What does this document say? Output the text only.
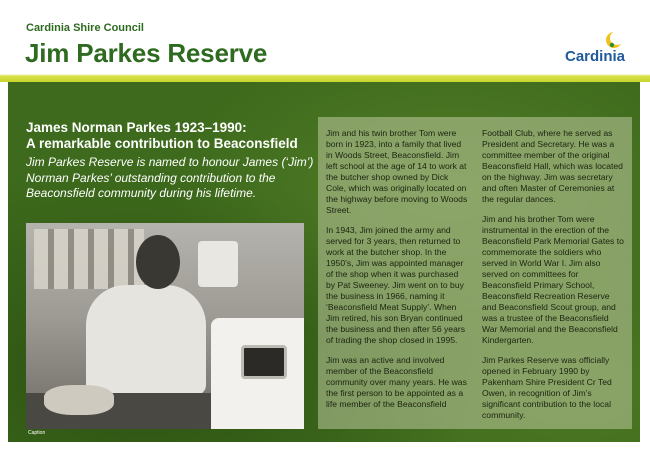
Cardinia Shire Council
Jim Parkes Reserve	Cardinia
James Norman Parkes 1923–1990:
A remarkable contribution to Beaconsfield
Jim Parkes Reserve is named to honour James (‘Jim’) Norman Parkes’ outstanding contribution to the Beaconsfield community during his lifetime.
Caption

Jim and his twin brother Tom were born in 1923, into a family that lived in Woods Street, Beaconsfield. Jim left school at the age of 14 to work at the butcher shop owned by Dick Cole, which was originally located on the highway before moving to Woods Street.

In 1943, Jim joined the army and served for 3 years, then returned to work at the butcher shop. In the 1950’s, Jim was appointed manager of the shop when it was purchased by Pat Sweeney. Jim went on to buy the business in 1966, naming it ‘Beaconsfield Meat Supply’. When Jim retired, his son Bryan continued the business and then after 56 years of trading the shop closed in 1995.

Jim was an active and involved member of the Beaconsfield community over many years. He was the first person to be appointed as a life member of the Beaconsfield

Football Club, where he served as President and Secretary. He was a committee member of the original Beaconsfield Hall, which was located on the highway. Jim was secretary and often Master of Ceremonies at the regular dances.

Jim and his brother Tom were instrumental in the erection of the Beaconsfield Park Memorial Gates to commemorate the soldiers who served in World War I. Jim also served on committees for Beaconsfield Primary School, Beaconsfield Recreation Reserve and Beaconsfield Scout group, and was a trustee of the Beaconsfield War Memorial and the Beaconsfield Kindergarten.

Jim Parkes Reserve was officially opened in February 1990 by Pakenham Shire President Cr Ted Owen, in recognition of Jim’s significant contribution to the local community.
